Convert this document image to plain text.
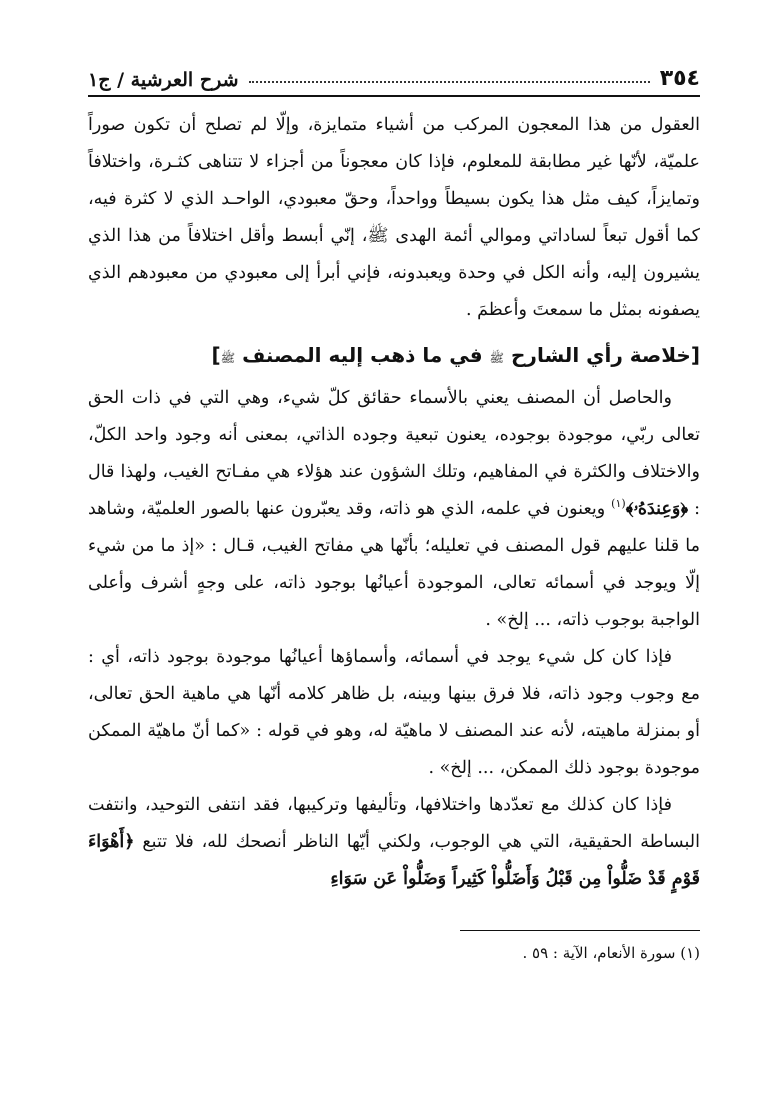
٣٥٤
شرح العرشية / ج١

العقول من هذا المعجون المركب من أشياء متمايزة، وإلّا لم تصلح أن تكون صوراً علميّة، لأنّها غير مطابقة للمعلوم، فإذا كان معجوناً من أجزاء لا تتناهى كثـرة، واختلافاً وتمايزاً، كيف مثل هذا يكون بسيطاً وواحداً، وحقّ معبودي، الواحـد الذي لا كثرة فيه، كما أقول تبعاً لساداتي وموالي أئمة الهدى ﷺ، إنّي أبسط وأقل اختلافاً من هذا الذي يشيرون إليه، وأنه الكل في وحدة ويعبدونه، فإني أبرأ إلى معبودي من معبودهم الذي يصفونه بمثل ما سمعتَ وأعظمَ .

[خلاصة رأي الشارح ﷺ في ما ذهب إليه المصنف ﷺ]

والحاصل أن المصنف يعني بالأسماء حقائق كلّ شيء، وهي التي في ذات الحق تعالى ربّي، موجودة بوجوده، يعنون تبعية وجوده الذاتي، بمعنى أنه وجود واحد الكلّ، والاختلاف والكثرة في المفاهيم، وتلك الشؤون عند هؤلاء هي مفـاتح الغيب، ولهذا قال : ﴿وَعِندَهُۥ﴾$^{(١)}$ ويعنون في علمه، الذي هو ذاته، وقد يعبّرون عنها بالصور العلميّة، وشاهد ما قلنا عليهم قول المصنف في تعليله؛ بأنّها هي مفاتح الغيب، قـال : «إذ ما من شيء إلّا ويوجد في أسمائه تعالى، الموجودة أعيانُها بوجود ذاته، على وجهٍ أشرف وأعلى الواجبة بوجوب ذاته، ... إلخ» .

فإذا كان كل شيء يوجد في أسمائه، وأسماؤها أعيانُها موجودة بوجود ذاته، أي : مع وجوب وجود ذاته، فلا فرق بينها وبينه، بل ظاهر كلامه أنّها هي ماهية الحق تعالى، أو بمنزلة ماهيته، لأنه عند المصنف لا ماهيّة له، وهو في قوله : «كما أنّ ماهيّة الممكن موجودة بوجود ذلك الممكن، ... إلخ» .

فإذا كان كذلك مع تعدّدها واختلافها، وتأليفها وتركيبها، فقد انتفى التوحيد، وانتفت البساطة الحقيقية، التي هي الوجوب، ولكني أيّها الناظر أنصحك لله، فلا تتبع ﴿أَهْوَاءَ قَوْمٍ قَدْ ضَلُّواْ مِن قَبْلُ وَأَضَلُّواْ كَثِيراً وَضَلُّواْ عَن سَوَاءِ

(١) سورة الأنعام، الآية : ٥٩ .
